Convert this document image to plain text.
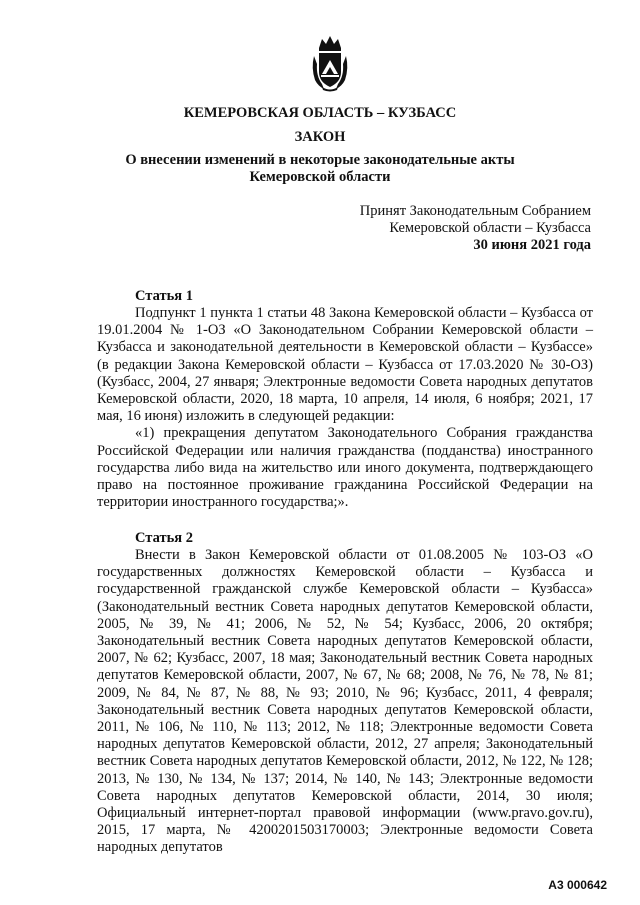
КЕМЕРОВСКАЯ ОБЛАСТЬ – КУЗБАСС
ЗАКОН
О внесении изменений в некоторые законодательные акты
Кемеровской области
Принят Законодательным Собранием
Кемеровской области – Кузбасса
30 июня 2021 года
Статья 1

Подпункт 1 пункта 1 статьи 48 Закона Кемеровской области – Кузбасса от 19.01.2004 № 1-ОЗ «О Законодательном Собрании Кемеровской области – Кузбасса и законодательной деятельности в Кемеровской области – Кузбассе» (в редакции Закона Кемеровской области – Кузбасса от 17.03.2020 № 30-ОЗ) (Кузбасс, 2004, 27 января; Электронные ведомости Совета народных депутатов Кемеровской области, 2020, 18 марта, 10 апреля, 14 июля, 6 ноября; 2021, 17 мая, 16 июня) изложить в следующей редакции:

«1) прекращения депутатом Законодательного Собрания гражданства Российской Федерации или наличия гражданства (подданства) иностранного государства либо вида на жительство или иного документа, подтверждающего право на постоянное проживание гражданина Российской Федерации на территории иностранного государства;».

Статья 2

Внести в Закон Кемеровской области от 01.08.2005 № 103-ОЗ «О государственных должностях Кемеровской области – Кузбасса и государственной гражданской службе Кемеровской области – Кузбасса» (Законодательный вестник Совета народных депутатов Кемеровской области, 2005, № 39, № 41; 2006, № 52, № 54; Кузбасс, 2006, 20 октября; Законодательный вестник Совета народных депутатов Кемеровской области, 2007, № 62; Кузбасс, 2007, 18 мая; Законодательный вестник Совета народных депутатов Кемеровской области, 2007, № 67, № 68; 2008, № 76, № 78, № 81; 2009, № 84, № 87, № 88, № 93; 2010, № 96; Кузбасс, 2011, 4 февраля; Законодательный вестник Совета народных депутатов Кемеровской области, 2011, № 106, № 110, № 113; 2012, № 118; Электронные ведомости Совета народных депутатов Кемеровской области, 2012, 27 апреля; Законодательный вестник Совета народных депутатов Кемеровской области, 2012, № 122, № 128; 2013, № 130, № 134, № 137; 2014, № 140, № 143; Электронные ведомости Совета народных депутатов Кемеровской области, 2014, 30 июля; Официальный интернет-портал правовой информации (www.pravo.gov.ru), 2015, 17 марта, № 4200201503170003; Электронные ведомости Совета народных депутатов

А3 000642
